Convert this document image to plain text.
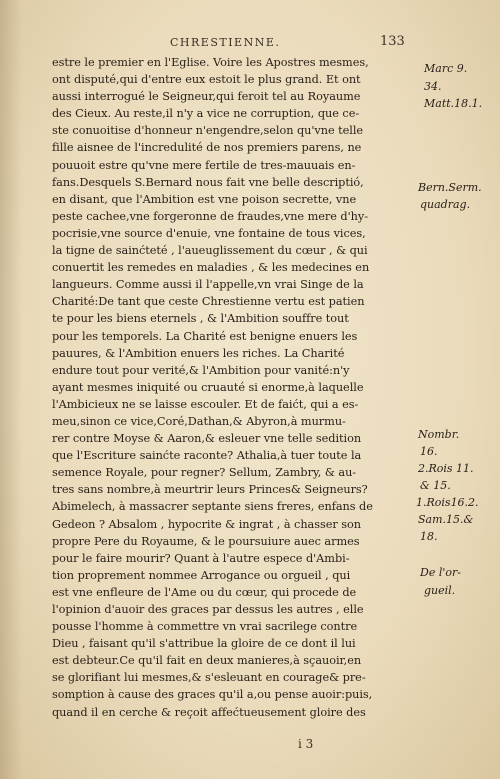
CHRESTIENNE.	133
estre le premier en l'Eglise. Voire les Apostres mesmes,
ont disputé,qui d'entre eux estoit le plus grand. Et ont
aussi interrogué le Seigneur,qui feroit tel au Royaume
des Cieux. Au reste,il n'y a vice ne corruption, que ce-
ste conuoitise d'honneur n'engendre,selon qu'vne telle
fille aisnee de l'incredulité de nos premiers parens, ne
pouuoit estre qu'vne mere fertile de tres-mauuais en-
fans.Desquels S.Bernard nous fait vne belle descriptió,
en disant, que l'Ambition est vne poison secrette, vne
peste cachee,vne forgeronne de fraudes,vne mere d'hy-
pocrisie,vne source d'enuie, vne fontaine de tous vices,
la tigne de sainćteté , l'aueuglissement du cœur , & qui
conuertit les remedes en maladies , & les medecines en
langueurs. Comme aussi il l'appelle,vn vrai Singe de la
Charité:De tant que ceste Chrestienne vertu est patien
te pour les biens eternels , & l'Ambition souffre tout
pour les temporels. La Charité est benigne enuers les
pauures, & l'Ambition enuers les riches. La Charité
endure tout pour verité,& l'Ambition pour vanité:n'y
ayant mesmes iniquité ou cruauté si enorme,à laquelle
l'Ambicieux ne se laisse escouler. Et de faićt, qui a es-
meu,sinon ce vice,Coré,Dathan,& Abyron,à murmu-
rer contre Moyse & Aaron,& esleuer vne telle sedition
que l'Escriture sainćte raconte? Athalia,à tuer toute la
semence Royale, pour regner? Sellum, Zambry, & au-
tres sans nombre,à meurtrir leurs Princes& Seigneurs?
Abimelech, à massacrer septante siens freres, enfans de
Gedeon ? Absalom , hypocrite & ingrat , à chasser son
propre Pere du Royaume, & le poursuiure auec armes
pour le faire mourir? Quant à l'autre espece d'Ambi-
tion proprement nommee Arrogance ou orgueil , qui
est vne enfleure de l'Ame ou du cœur, qui procede de
l'opinion d'auoir des graces par dessus les autres , elle
pousse l'homme à commettre vn vrai sacrilege contre
Dieu , faisant qu'il s'attribue la gloire de ce dont il lui
est debteur.Ce qu'il fait en deux manieres,à sçauoir,en
se glorifiant lui mesmes,& s'esleuant en courage& pre-
somption à cause des graces qu'il a,ou pense auoir:puis,
quand il en cerche & reçoit affećtueusement gloire des
Marc 9.
34.
Matt.18.1.
Bern.Serm.
quadrag.
Nombr.
16.
2.Rois 11.
& 15.
1.Rois16.2.
Sam.15.&
18.
De l'or-
gueil.
i 3
